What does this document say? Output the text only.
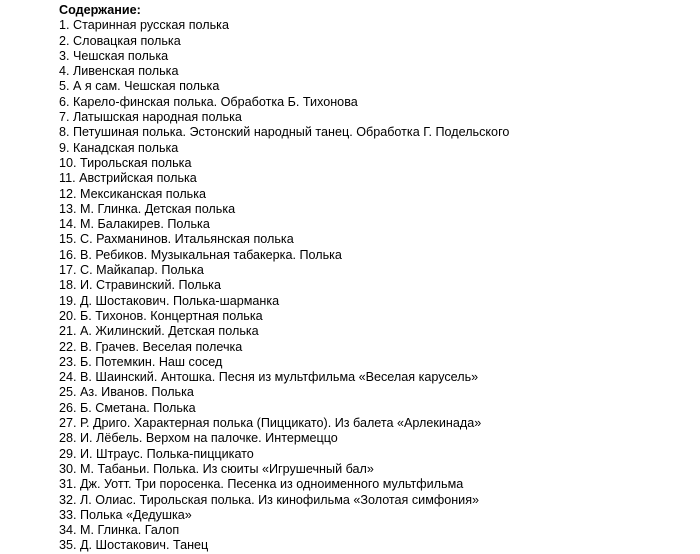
Содержание:
1. Старинная русская полька
2. Словацкая полька
3. Чешская полька
4. Ливенская полька
5. А я сам. Чешская полька
6. Карело-финская полька. Обработка Б. Тихонова
7. Латышская народная полька
8. Петушиная полька. Эстонский народный танец. Обработка Г. Подельского
9. Канадская полька
10. Тирольская полька
11. Австрийская полька
12. Мексиканская полька
13. М. Глинка. Детская полька
14. М. Балакирев. Полька
15. С. Рахманинов. Итальянская полька
16. В. Ребиков. Музыкальная табакерка. Полька
17. С. Майкапар. Полька
18. И. Стравинский. Полька
19. Д. Шостакович. Полька-шарманка
20. Б. Тихонов. Концертная полька
21. А. Жилинский. Детская полька
22. В. Грачев. Веселая полечка
23. Б. Потемкин. Наш сосед
24. В. Шаинский. Антошка. Песня из мультфильма «Веселая карусель»
25. Аз. Иванов. Полька
26. Б. Сметана. Полька
27. Р. Дриго. Характерная полька (Пиццикато). Из балета «Арлекинада»
28. И. Лёбель. Верхом на палочке. Интермеццо
29. И. Штраус. Полька-пиццикато
30. М. Табаньи. Полька. Из сюиты «Игрушечный бал»
31. Дж. Уотт. Три поросенка. Песенка из одноименного мультфильма
32. Л. Олиас. Тирольская полька. Из кинофильма «Золотая симфония»
33. Полька «Дедушка»
34. М. Глинка. Галоп
35. Д. Шостакович. Танец
